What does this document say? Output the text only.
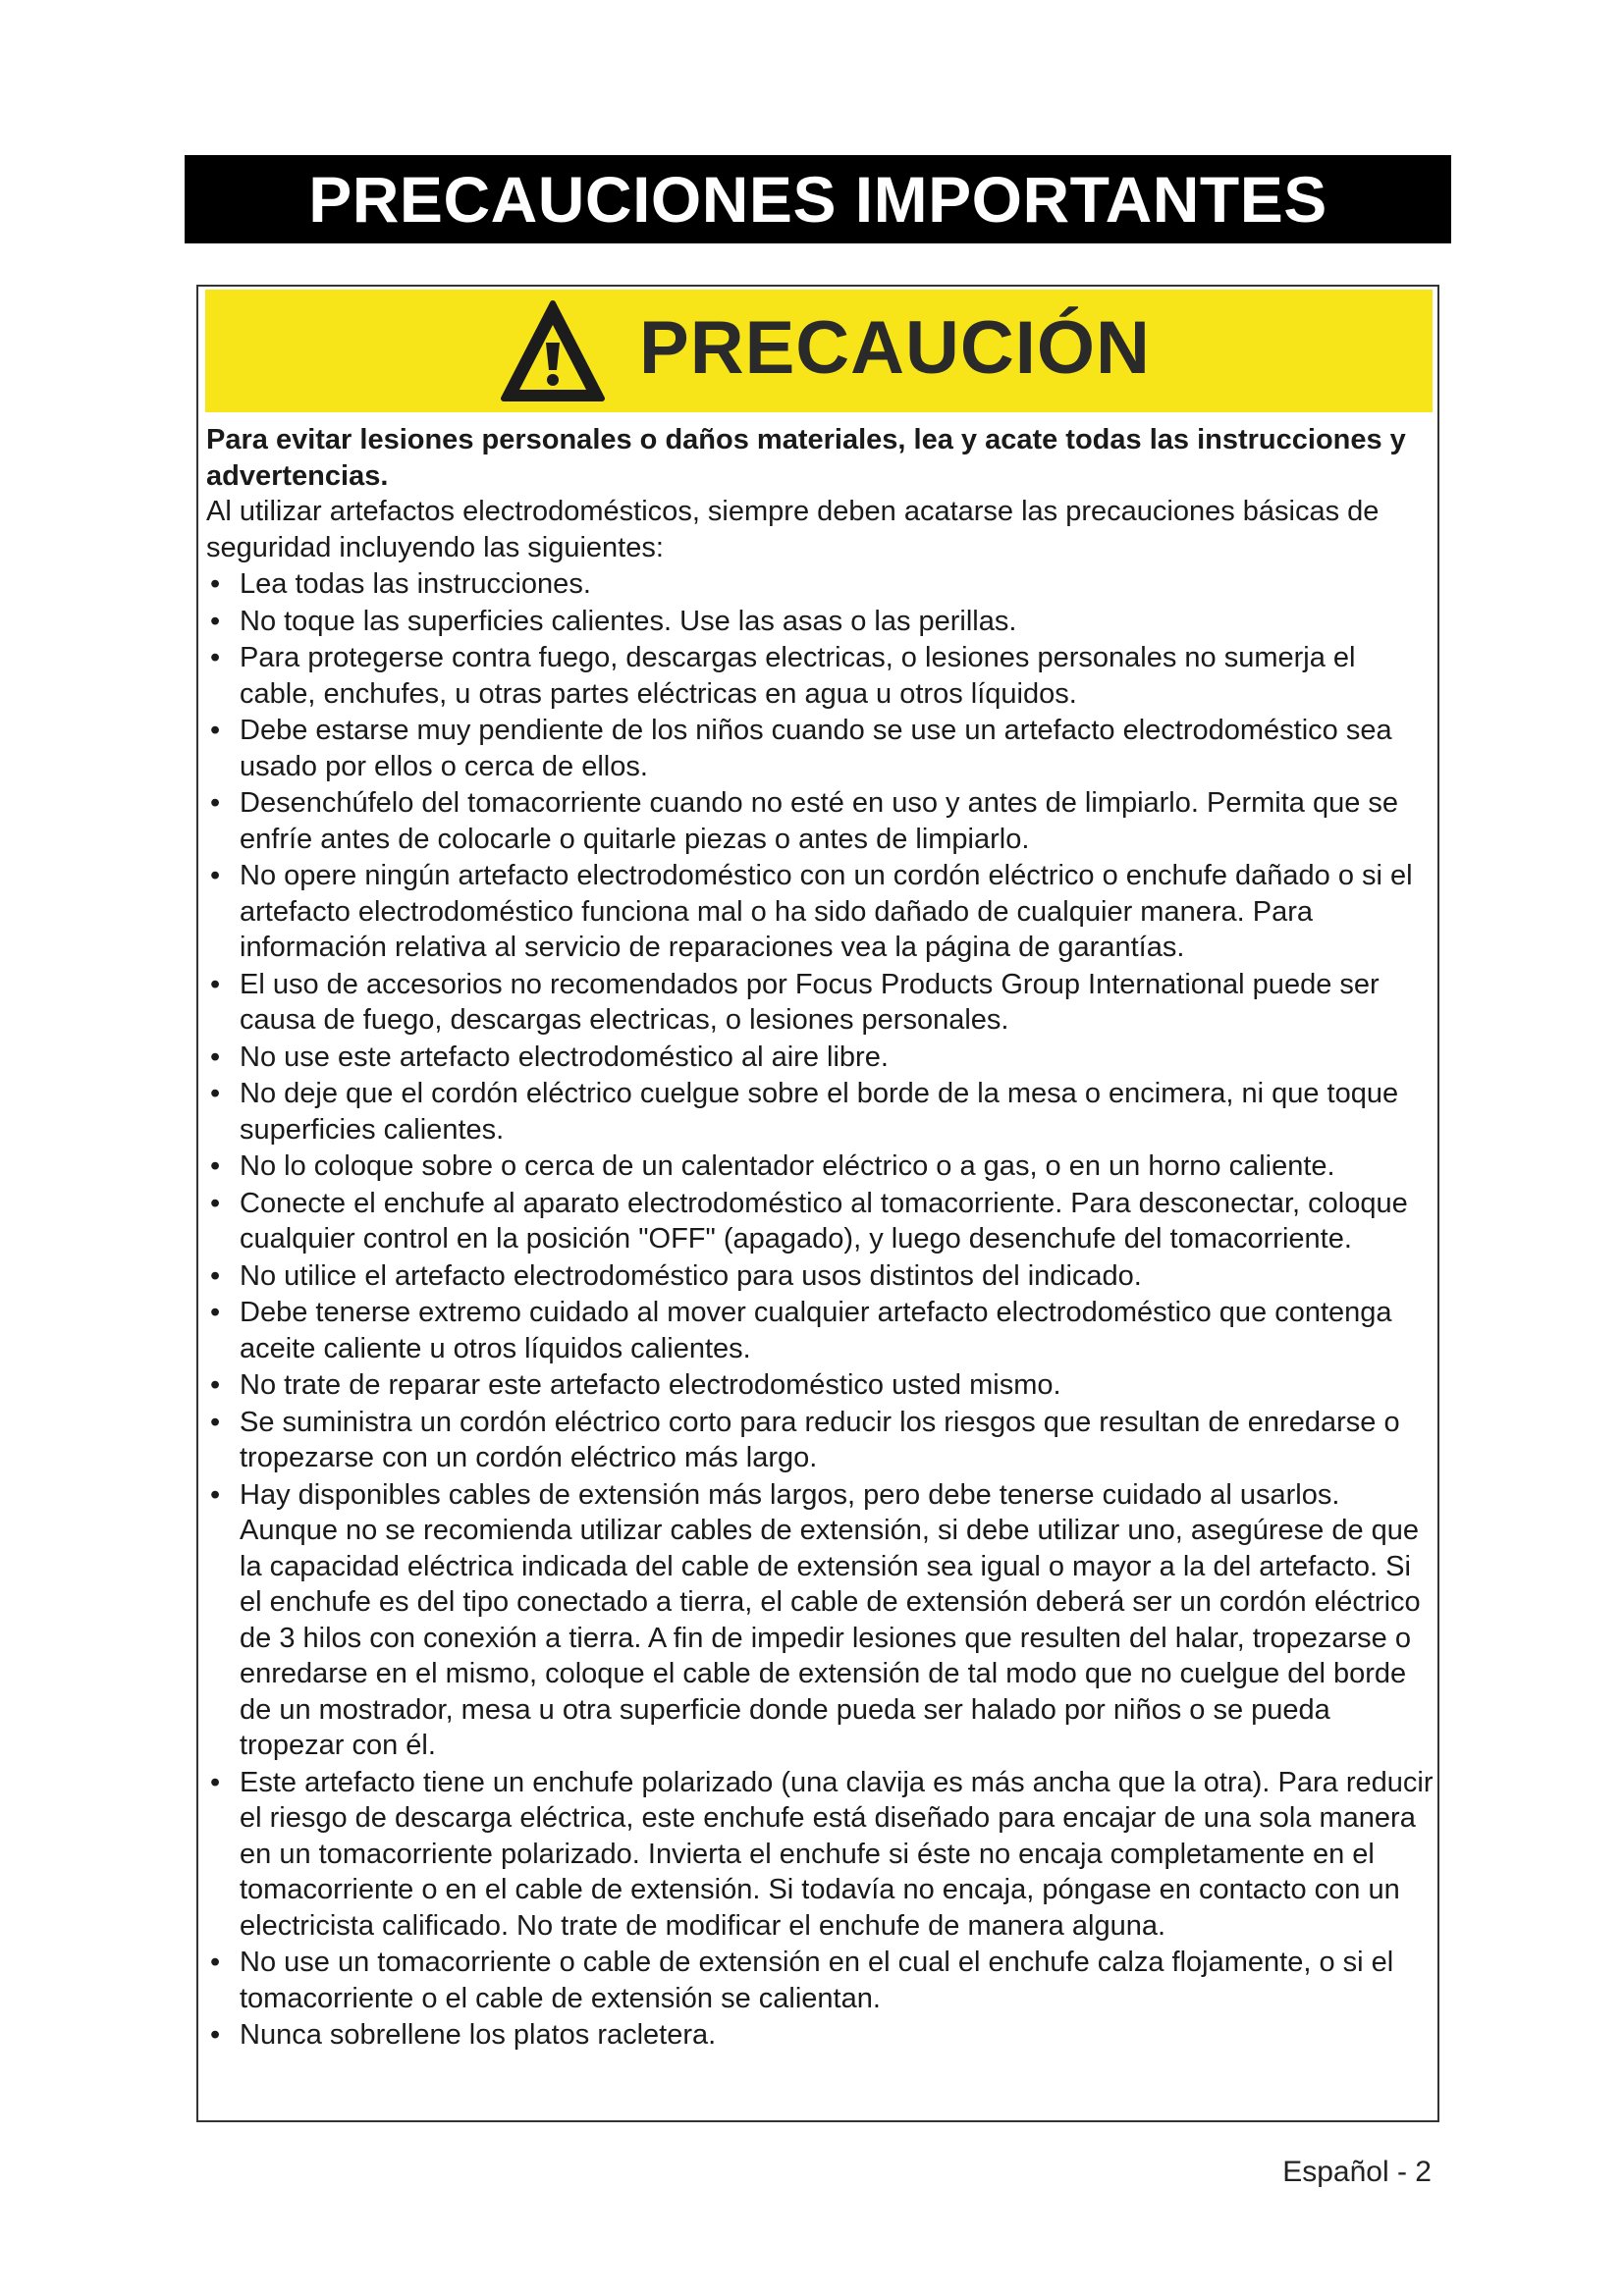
PRECAUCIONES IMPORTANTES
PRECAUCIÓN
Para evitar lesiones personales o daños materiales, lea y acate todas las instrucciones y advertencias.

Al utilizar artefactos electrodomésticos, siempre deben acatarse las precauciones básicas de seguridad incluyendo las siguientes:

• Lea todas las instrucciones.
• No toque las superficies calientes. Use las asas o las perillas.
• Para protegerse contra fuego, descargas electricas, o lesiones personales no sumerja el cable, enchufes, u otras partes eléctricas en agua u otros líquidos.
• Debe estarse muy pendiente de los niños cuando se use un artefacto electrodoméstico sea usado por ellos o cerca de ellos.
• Desenchúfelo del tomacorriente cuando no esté en uso y antes de limpiarlo. Permita que se enfríe antes de colocarle o quitarle piezas o antes de limpiarlo.
• No opere ningún artefacto electrodoméstico con un cordón eléctrico o enchufe dañado o si el artefacto electrodoméstico funciona mal o ha sido dañado de cualquier manera. Para información relativa al servicio de reparaciones vea la página de garantías.
• El uso de accesorios no recomendados por Focus Products Group International puede ser causa de fuego, descargas electricas, o lesiones personales.
• No use este artefacto electrodoméstico al aire libre.
• No deje que el cordón eléctrico cuelgue sobre el borde de la mesa o encimera, ni que toque superficies calientes.
• No lo coloque sobre o cerca de un calentador eléctrico o a gas, o en un horno caliente.
• Conecte el enchufe al aparato electrodoméstico al tomacorriente. Para desconectar, coloque cualquier control en la posición "OFF" (apagado), y luego desenchufe del tomacorriente.
• No utilice el artefacto electrodoméstico para usos distintos del indicado.
• Debe tenerse extremo cuidado al mover cualquier artefacto electrodoméstico que contenga aceite caliente u otros líquidos calientes.
• No trate de reparar este artefacto electrodoméstico usted mismo.
• Se suministra un cordón eléctrico corto para reducir los riesgos que resultan de enredarse o tropezarse con un cordón eléctrico más largo.
• Hay disponibles cables de extensión más largos, pero debe tenerse cuidado al usarlos. Aunque no se recomienda utilizar cables de extensión, si debe utilizar uno, asegúrese de que la capacidad eléctrica indicada del cable de extensión sea igual o mayor a la del artefacto. Si el enchufe es del tipo conectado a tierra, el cable de extensión deberá ser un cordón eléctrico de 3 hilos con conexión a tierra. A fin de impedir lesiones que resulten del halar, tropezarse o enredarse en el mismo, coloque el cable de extensión de tal modo que no cuelgue del borde de un mostrador, mesa u otra superficie donde pueda ser halado por niños o se pueda tropezar con él.
• Este artefacto tiene un enchufe polarizado (una clavija es más ancha que la otra). Para reducir el riesgo de descarga eléctrica, este enchufe está diseñado para encajar de una sola manera en un tomacorriente polarizado. Invierta el enchufe si éste no encaja completamente en el tomacorriente o en el cable de extensión. Si todavía no encaja, póngase en contacto con un electricista calificado. No trate de modificar el enchufe de manera alguna.
• No use un tomacorriente o cable de extensión en el cual el enchufe calza flojamente, o si el tomacorriente o el cable de extensión se calientan.
• Nunca sobrellene los platos racletera.
Español - 2
